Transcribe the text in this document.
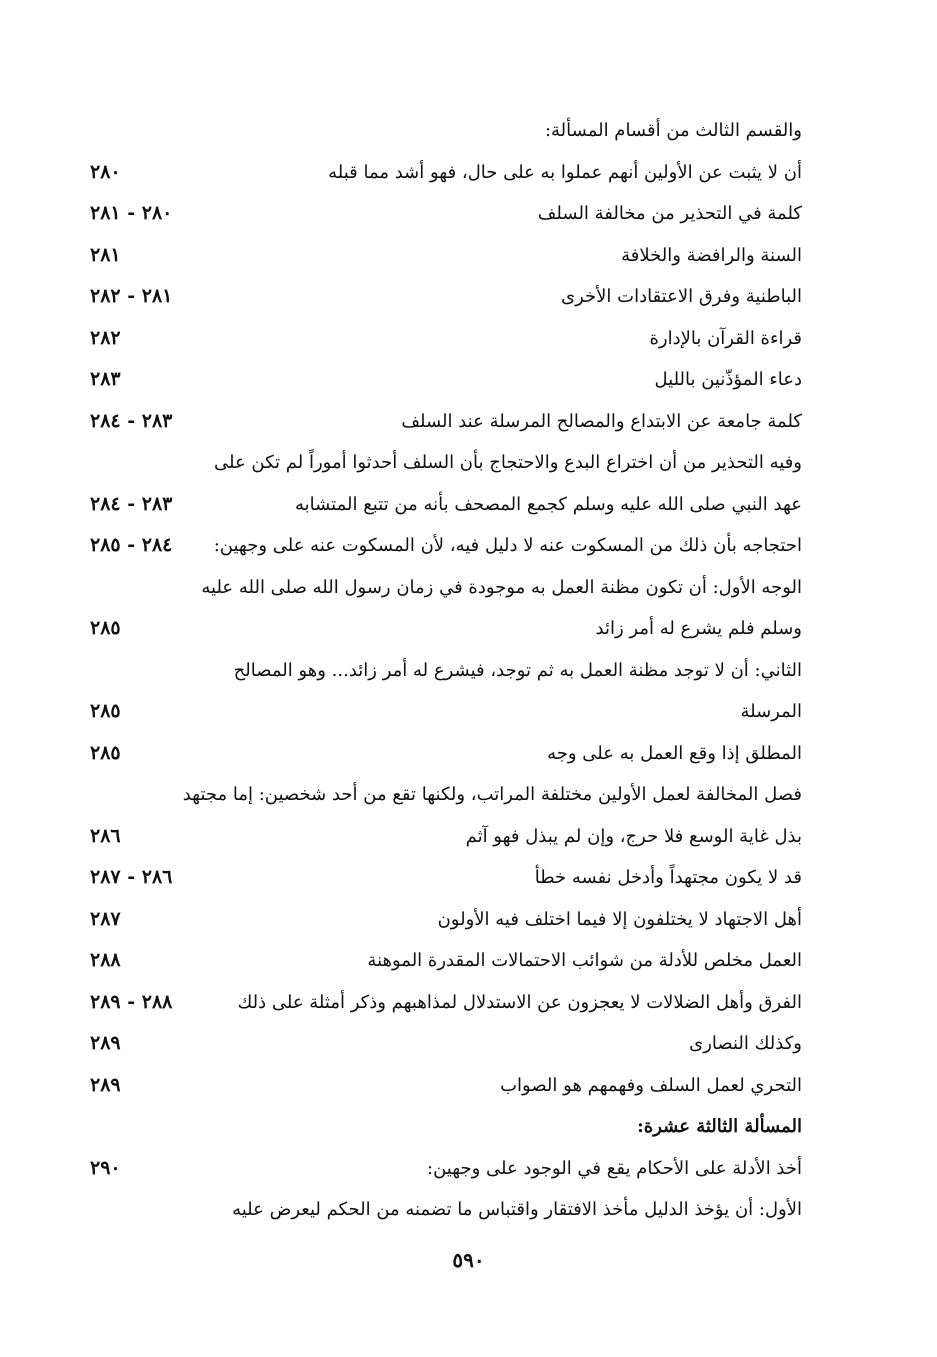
والقسم الثالث من أقسام المسألة:
أن لا يثبت عن الأولين أنهم عملوا به على حال، فهو أشد مما قبله
٢٨٠
كلمة في التحذير من مخالفة السلف
٢٨٠ - ٢٨١
السنة والرافضة والخلافة
٢٨١
الباطنية وفرق الاعتقادات الأخرى
٢٨١ - ٢٨٢
قراءة القرآن بالإدارة
٢٨٢
دعاء المؤذّنين بالليل
٢٨٣
كلمة جامعة عن الابتداع والمصالح المرسلة عند السلف
٢٨٣ - ٢٨٤
وفيه التحذير من أن اختراع البدع والاحتجاج بأن السلف أحدثوا أموراً لم تكن على
عهد النبي صلى الله عليه وسلم كجمع المصحف بأنه من تتبع المتشابه
٢٨٣ - ٢٨٤
احتجاجه بأن ذلك من المسكوت عنه لا دليل فيه، لأن المسكوت عنه على وجهين:
٢٨٤ - ٢٨٥
الوجه الأول: أن تكون مظنة العمل به موجودة في زمان رسول الله صلى الله عليه
وسلم فلم يشرع له أمر زائد
٢٨٥
الثاني: أن لا توجد مظنة العمل به ثم توجد، فيشرع له أمر زائد... وهو المصالح
المرسلة
٢٨٥
المطلق إذا وقع العمل به على وجه
٢٨٥
فصل المخالفة لعمل الأولين مختلفة المراتب، ولكنها تقع من أحد شخصين: إما مجتهد
بذل غاية الوسع فلا حرج، وإن لم يبذل فهو آثم
٢٨٦
قد لا يكون مجتهداً وأدخل نفسه خطأ
٢٨٦ - ٢٨٧
أهل الاجتهاد لا يختلفون إلا فيما اختلف فيه الأولون
٢٨٧
العمل مخلص للأدلة من شوائب الاحتمالات المقدرة الموهنة
٢٨٨
الفرق وأهل الضلالات لا يعجزون عن الاستدلال لمذاهبهم وذكر أمثلة على ذلك
٢٨٨ - ٢٨٩
وكذلك النصارى
٢٨٩
التحري لعمل السلف وفهمهم هو الصواب
٢٨٩
المسألة الثالثة عشرة:
أخذ الأدلة على الأحكام يقع في الوجود على وجهين:
٢٩٠
الأول: أن يؤخذ الدليل مأخذ الافتقار واقتباس ما تضمنه من الحكم ليعرض عليه
٥٩٠
